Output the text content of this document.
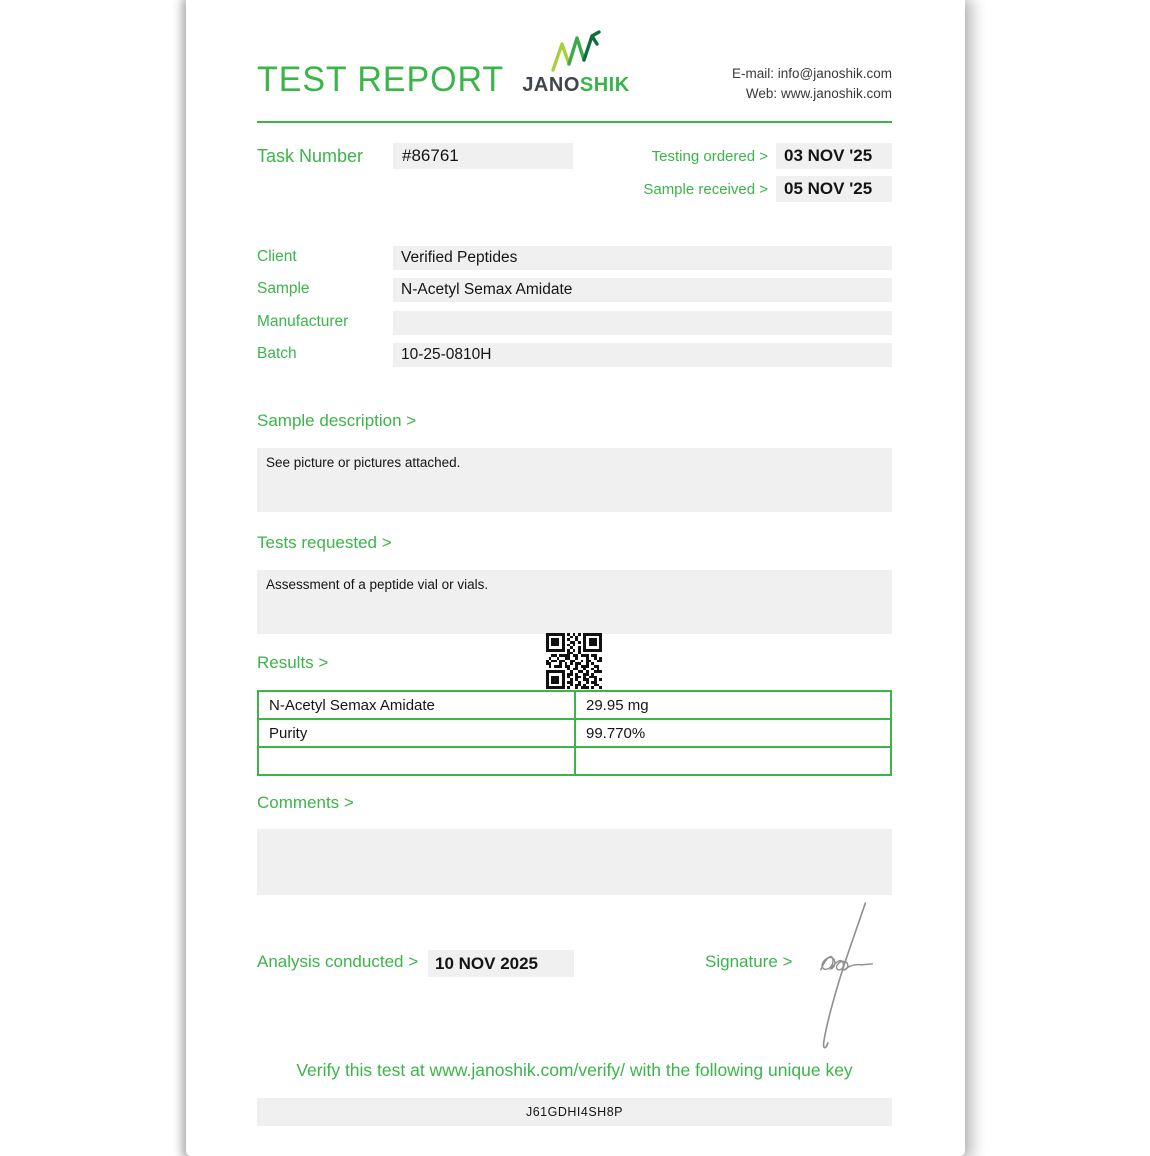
TEST REPORT JANOSHIK
E-mail: info@janoshik.com
Web: www.janoshik.com
Task Number	#86761	Testing ordered > 03 NOV '25
Sample received > 05 NOV '25
Client	Verified Peptides
Sample	N-Acetyl Semax Amidate
Manufacturer
Batch	10-25-0810H
Sample description >
See picture or pictures attached.
Tests requested >
Assessment of a peptide vial or vials.
Results >
N-Acetyl Semax Amidate	29.95 mg
Purity	99.770%

Comments >
Analysis conducted > 10 NOV 2025	Signature >
Verify this test at www.janoshik.com/verify/ with the following unique key
J61GDHI4SH8P
